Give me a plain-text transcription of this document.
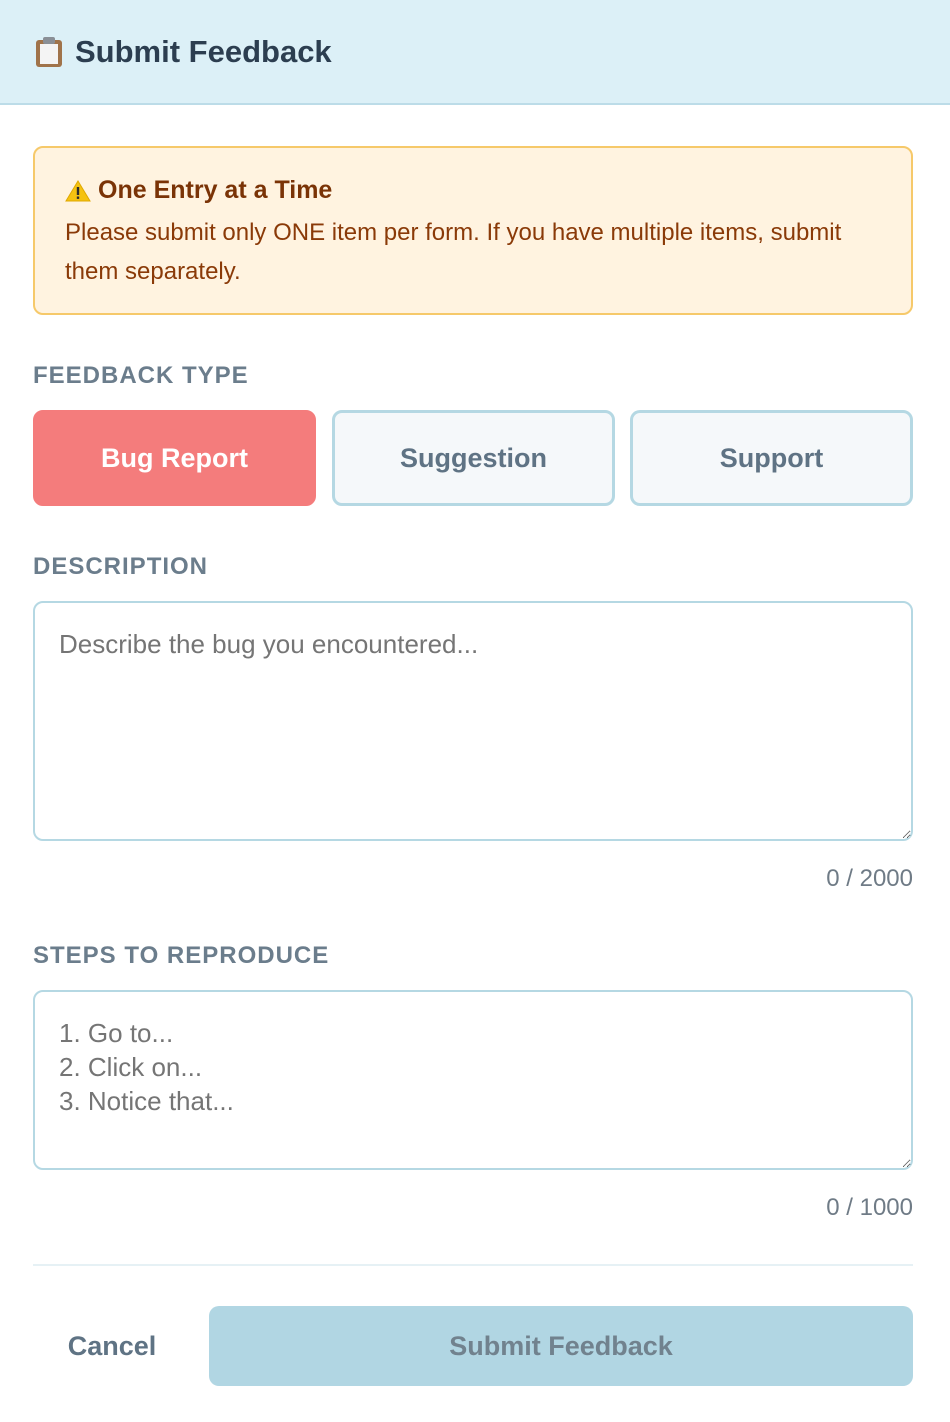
Submit Feedback
One Entry at a Time
Please submit only ONE item per form. If you have multiple items, submit them separately.
FEEDBACK TYPE
Bug Report	Suggestion	Support
DESCRIPTION
Describe the bug you encountered...
0 / 2000
STEPS TO REPRODUCE
1. Go to... 2. Click on... 3. Notice that...
0 / 1000
Cancel	Submit Feedback
